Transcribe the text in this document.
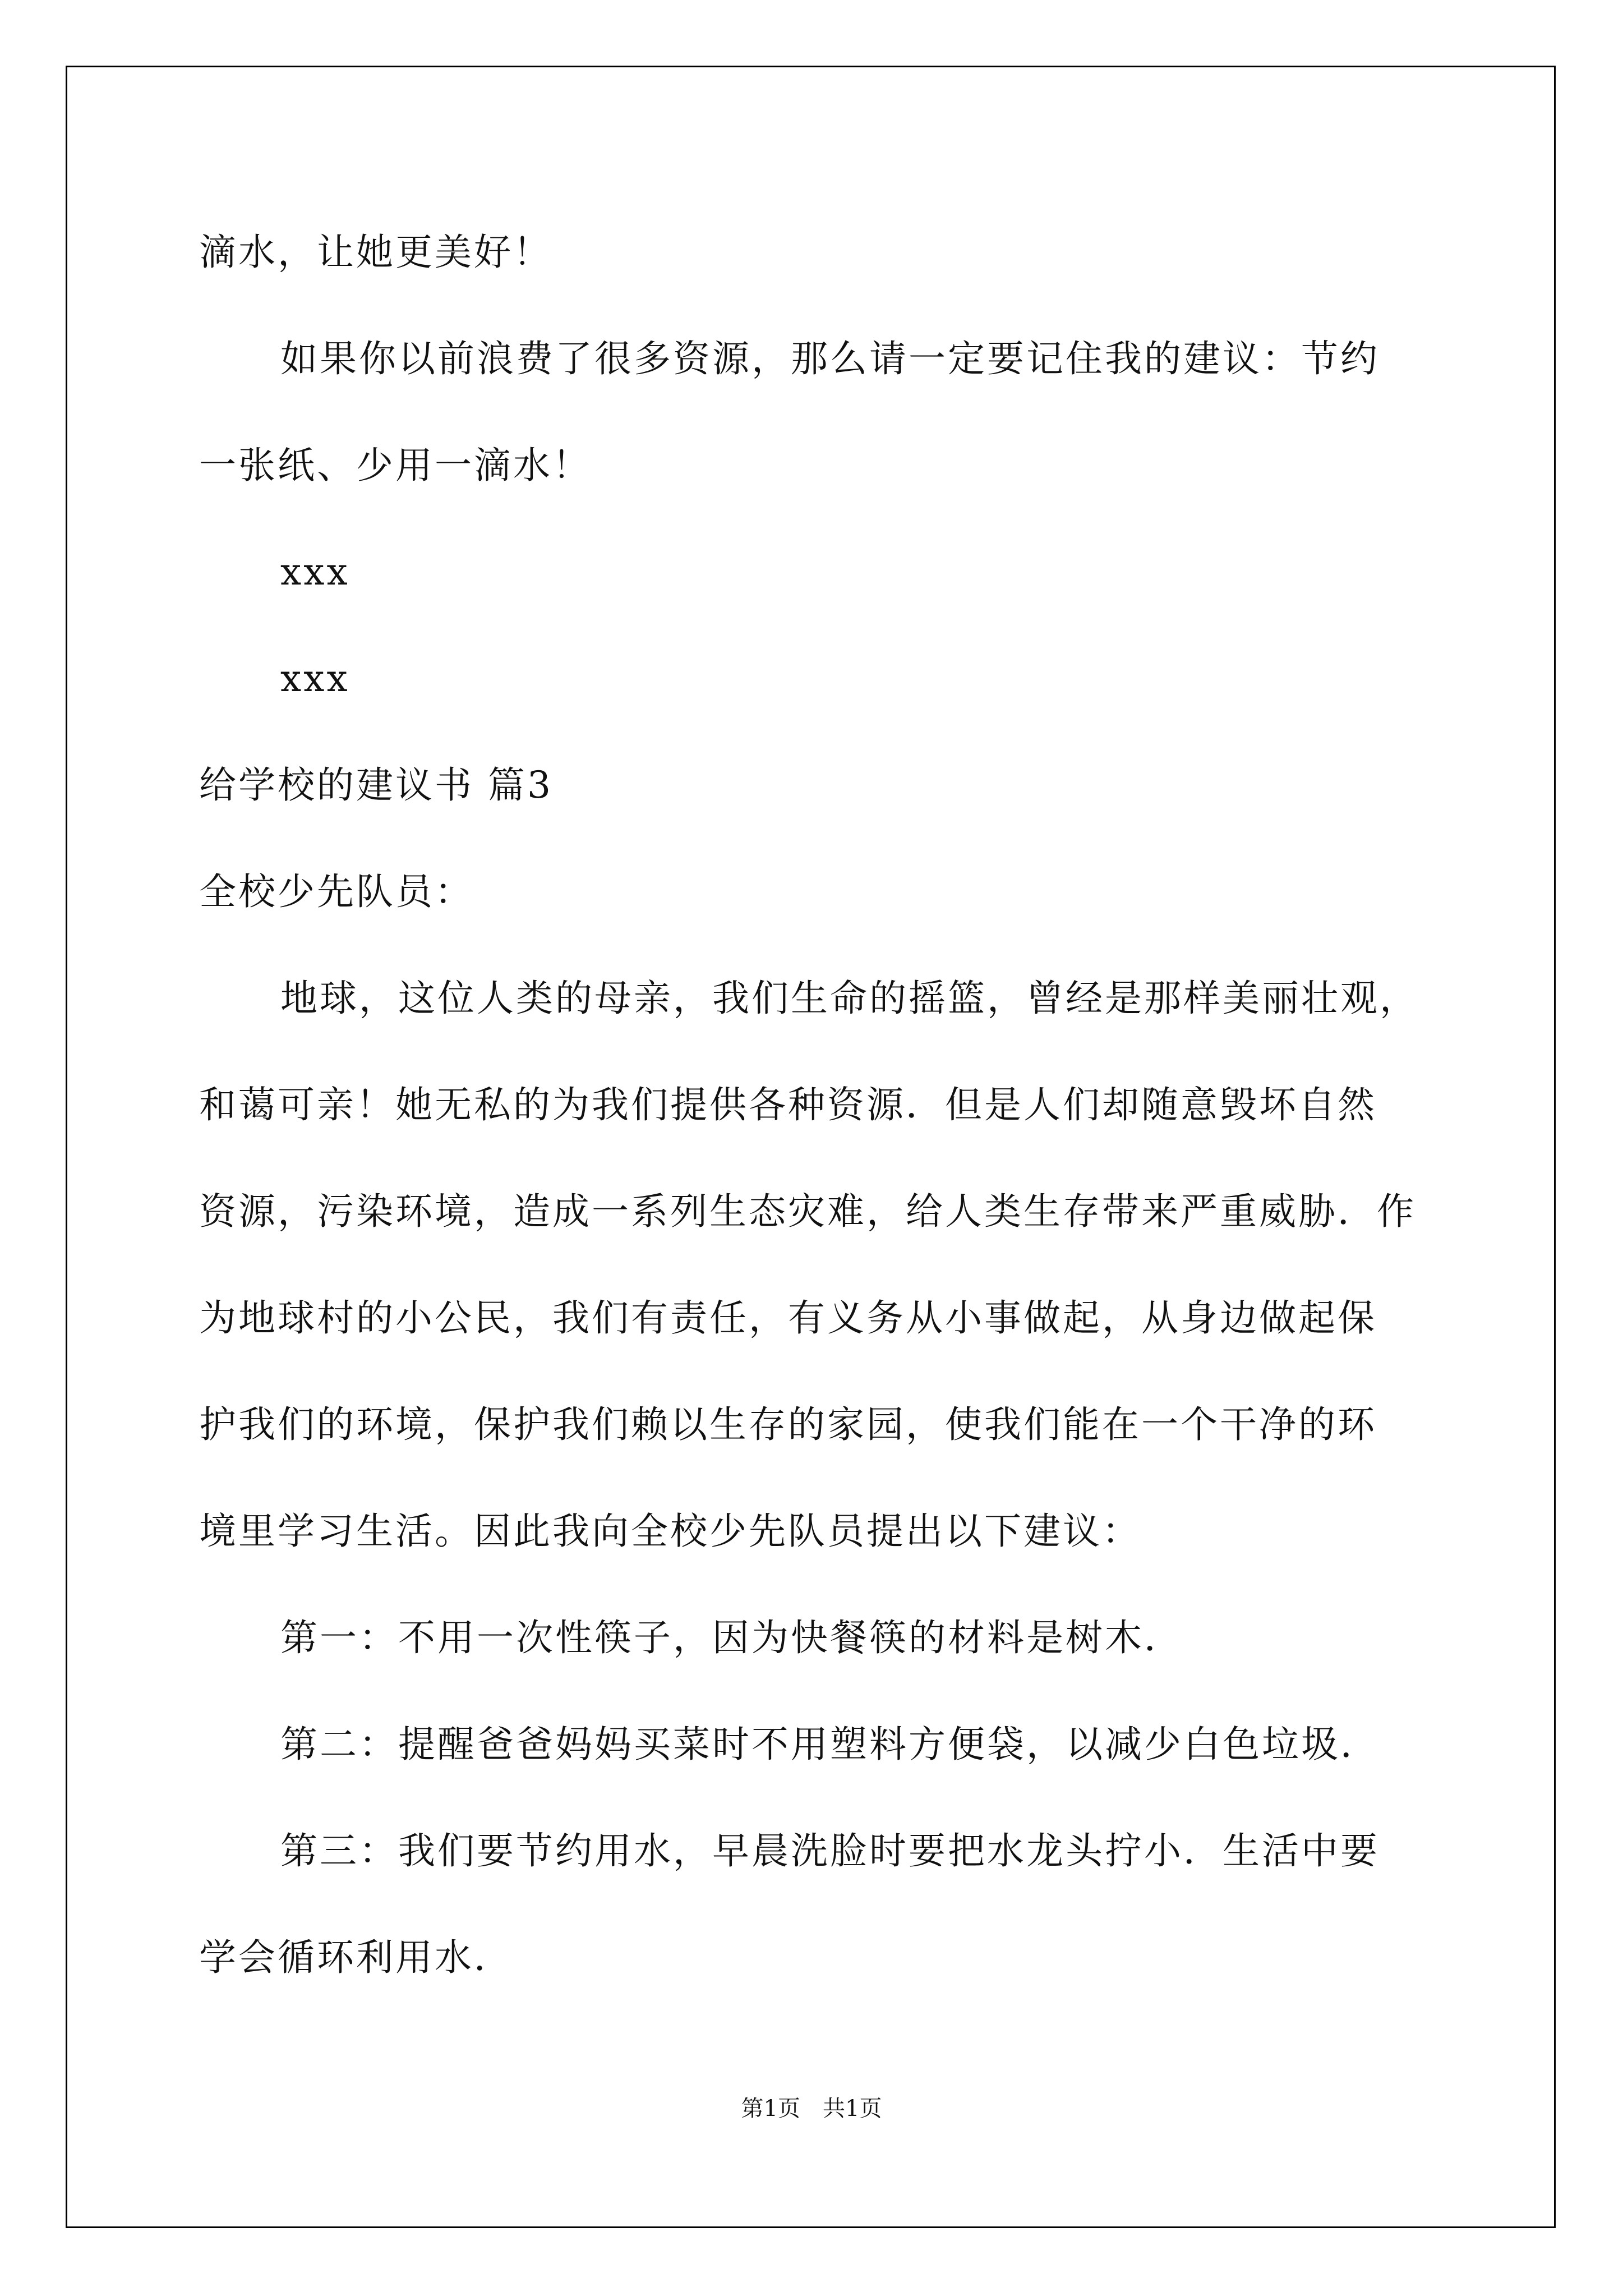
滴水，让她更美好！
如果你以前浪费了很多资源，那么请一定要记住我的建议：节约
一张纸、少用一滴水！
xxx
xxx
给学校的建议书 篇3
全校少先队员：
地球，这位人类的母亲，我们生命的摇篮，曾经是那样美丽壮观，
和蔼可亲！她无私的为我们提供各种资源．但是人们却随意毁坏自然
资源，污染环境，造成一系列生态灾难，给人类生存带来严重威胁．作
为地球村的小公民，我们有责任，有义务从小事做起，从身边做起保
护我们的环境，保护我们赖以生存的家园，使我们能在一个干净的环
境里学习生活。因此我向全校少先队员提出以下建议：
第一：不用一次性筷子，因为快餐筷的材料是树木．
第二：提醒爸爸妈妈买菜时不用塑料方便袋，以减少白色垃圾．
第三：我们要节约用水，早晨洗脸时要把水龙头拧小．生活中要
学会循环利用水．
第1页　共1页
